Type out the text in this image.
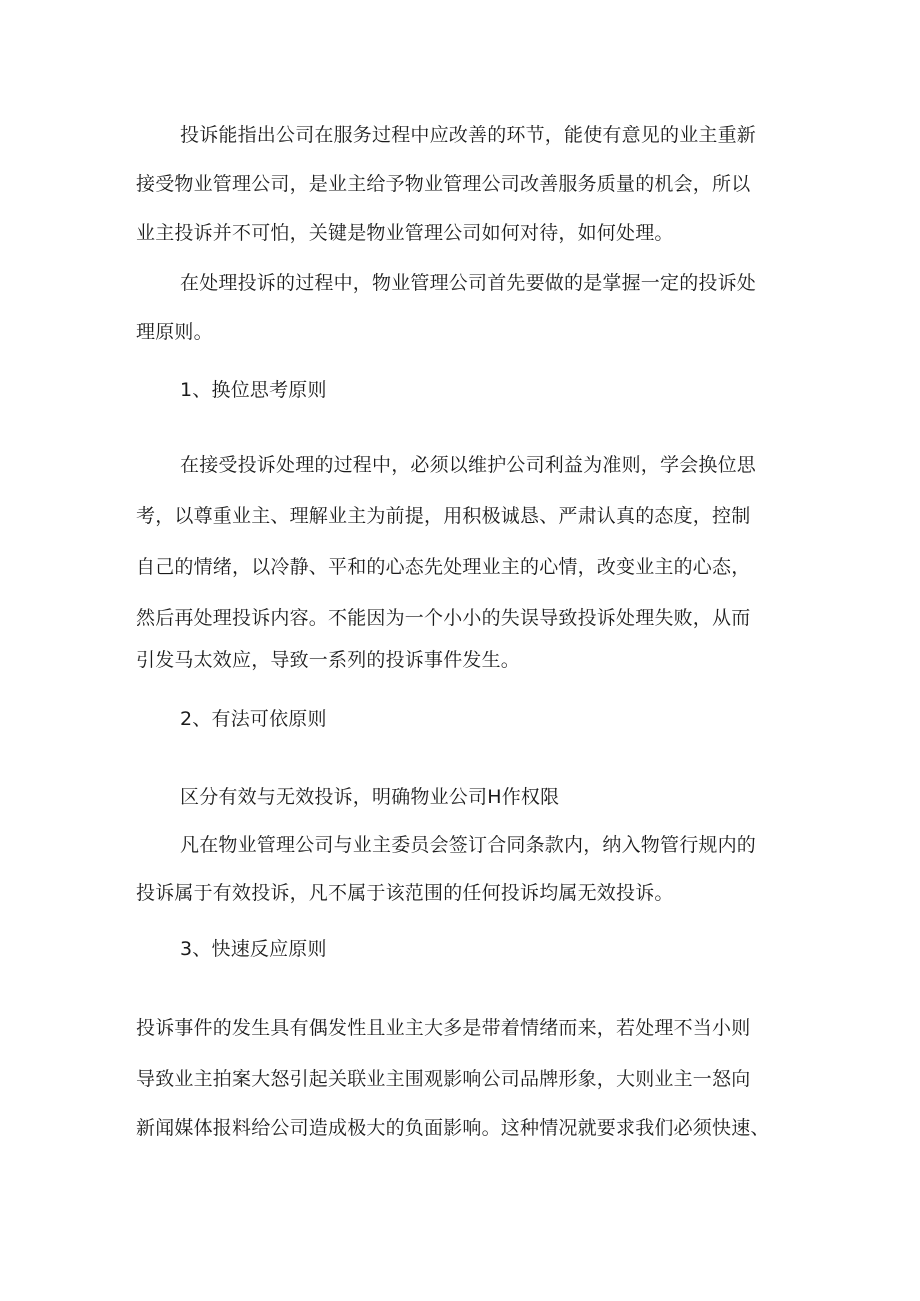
投诉能指出公司在服务过程中应改善的环节，能使有意见的业主重新
接受物业管理公司，是业主给予物业管理公司改善服务质量的机会，所以
业主投诉并不可怕，关键是物业管理公司如何对待，如何处理。
在处理投诉的过程中，物业管理公司首先要做的是掌握一定的投诉处
理原则。
1、换位思考原则
在接受投诉处理的过程中，必须以维护公司利益为准则，学会换位思
考，以尊重业主、理解业主为前提，用积极诚恳、严肃认真的态度，控制
自己的情绪，以冷静、平和的心态先处理业主的心情，改变业主的心态，
然后再处理投诉内容。不能因为一个小小的失误导致投诉处理失败，从而
引发马太效应，导致一系列的投诉事件发生。
2、有法可依原则
区分有效与无效投诉，明确物业公司H作权限
凡在物业管理公司与业主委员会签订合同条款内，纳入物管行规内的
投诉属于有效投诉，凡不属于该范围的任何投诉均属无效投诉。
3、快速反应原则
投诉事件的发生具有偶发性且业主大多是带着情绪而来，若处理不当小则
导致业主拍案大怒引起关联业主围观影响公司品牌形象，大则业主一怒向
新闻媒体报料给公司造成极大的负面影响。这种情况就要求我们必须快速、
